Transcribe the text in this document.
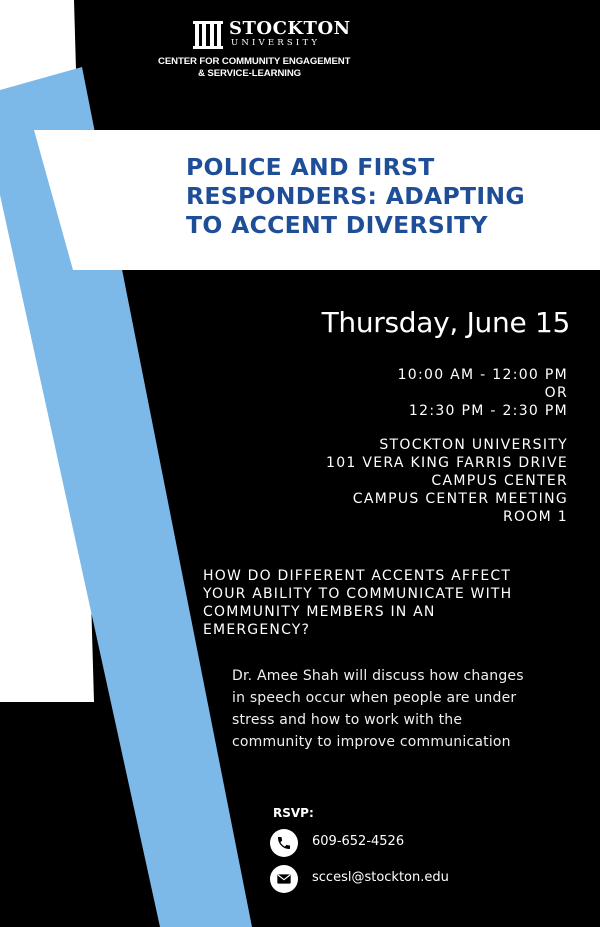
STOCKTON
UNIVERSITY
CENTER FOR COMMUNITY ENGAGEMENT
& SERVICE-LEARNING
POLICE AND FIRST
RESPONDERS: ADAPTING
TO ACCENT DIVERSITY
Thursday, June 15
10:00 AM - 12:00 PM
OR
12:30 PM - 2:30 PM
STOCKTON UNIVERSITY
101 VERA KING FARRIS DRIVE
CAMPUS CENTER
CAMPUS CENTER MEETING
ROOM 1
HOW DO DIFFERENT ACCENTS AFFECT
YOUR ABILITY TO COMMUNICATE WITH
COMMUNITY MEMBERS IN AN
EMERGENCY?

Dr. Amee Shah will discuss how changes
in speech occur when people are under
stress and how to work with the
community to improve communication

RSVP:
609-652-4526
sccesl@stockton.edu
